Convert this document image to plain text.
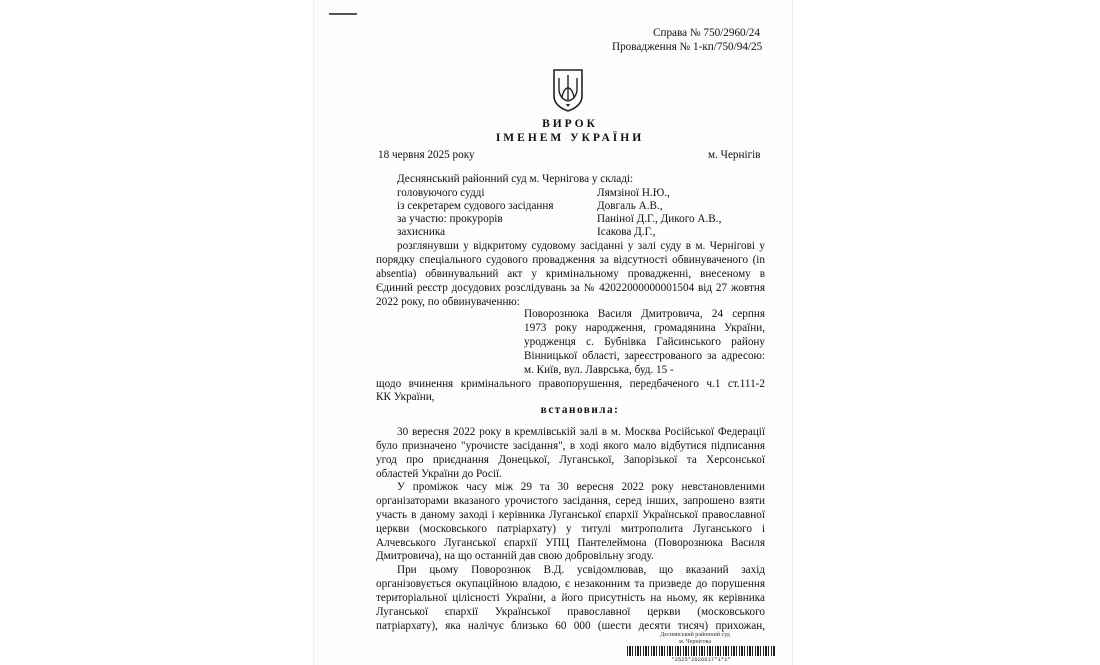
Справа № 750/2960/24
Провадження № 1-кп/750/94/25
ВИРОК
ІМЕНЕМ УКРАЇНИ
18 червня 2025 року	м. Чернігів
Деснянський районний суд м. Чернігова у складі:
головуючого судді	Лямзіної Н.Ю.,
із секретарем судового засідання	Довгаль А.В.,
за участю: прокурорів	Паніної Д.Г., Дикого А.В.,
захисника	Ісакова Д.Г.,
розглянувши у відкритому судовому засіданні у залі суду в м. Чернігові у
порядку спеціального судового провадження за відсутності обвинуваченого (in
absentia) обвинувальний акт у кримінальному провадженні, внесеному в
Єдиний реєстр досудових розслідувань за № 42022000000001504 від 27 жовтня
2022 року, по обвинуваченню:
Поворознюка Василя Дмитровича, 24 серпня
1973 року народження, громадянина України,
уродженця с. Бубнівка Гайсинського району
Вінницької області, зареєстрованого за адресою:
м. Київ, вул. Лаврська, буд. 15 -
щодо вчинення кримінального правопорушення, передбаченого ч.1 ст.111-2
КК України,
встановила:
30 вересня 2022 року в кремлівській залі в м. Москва Російської Федерації
було призначено "урочисте засідання", в ході якого мало відбутися підписання
угод про приєднання Донецької, Луганської, Запорізької та Херсонської
областей України до Росії.
У проміжок часу між 29 та 30 вересня 2022 року невстановленими
організаторами вказаного урочистого засідання, серед інших, запрошено взяти
участь в даному заході і керівника Луганської єпархії Української православної
церкви (московського патріархату) у титулі митрополита Луганського і
Алчевського Луганської єпархії УПЦ Пантелеймона (Поворознюка Василя
Дмитровича), на що останній дав свою добровільну згоду.
При цьому Поворознюк В.Д. усвідомлював, що вказаний захід
організовується окупаційною владою, є незаконним та призведе до порушення
територіальної цілісності України, а його присутність на ньому, як керівника
Луганської єпархії Української православної церкви (московського
патріархату), яка налічує близько 60 000 (шести десяти тисяч) прихожан,
Деснянський районний суд
м. Чернігова
*2525*2026617*1*1*
